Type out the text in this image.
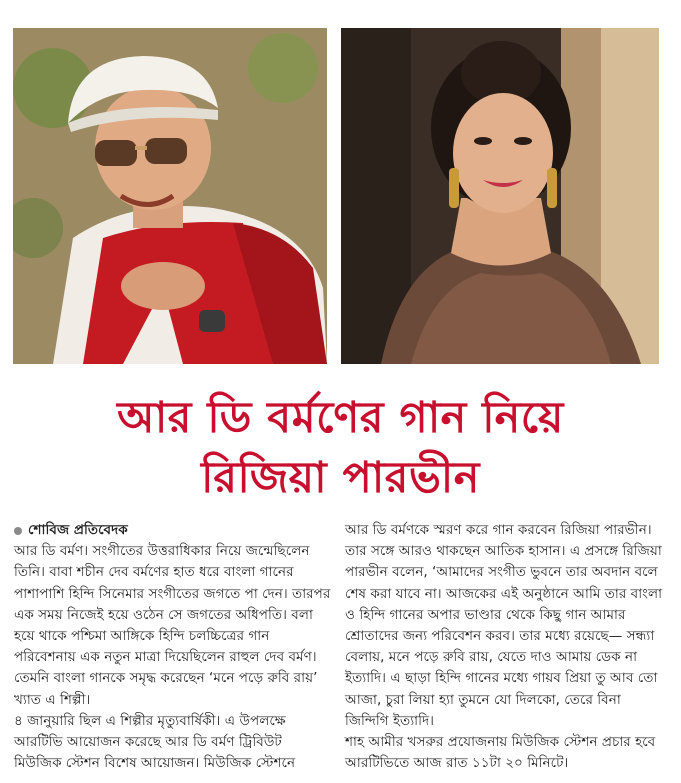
আর ডি বর্মণের গান নিয়ে
রিজিয়া পারভীন
শোবিজ প্রতিবেদক

আর ডি বর্মণ। সংগীতের উত্তরাধিকার নিয়ে জন্মেছিলেন তিনি। বাবা শচীন দেব বর্মণের হাত ধরে বাংলা গানের পাশাপাশি হিন্দি সিনেমার সংগীতের জগতে পা দেন। তারপর এক সময় নিজেই হয়ে ওঠেন সে জগতের অধিপতি। বলা হয়ে থাকে পশ্চিমা আঙ্গিকে হিন্দি চলচ্চিত্রের গান পরিবেশনায় এক নতুন মাত্রা দিয়েছিলেন রাহুল দেব বর্মণ। তেমনি বাংলা গানকে সমৃদ্ধ করেছেন ‘মনে পড়ে রুবি রায়’ খ্যাত এ শিল্পী।

৪ জানুয়ারি ছিল এ শিল্পীর মৃত্যুবার্ষিকী। এ উপলক্ষে আরটিভি আয়োজন করেছে আর ডি বর্মণ ট্রিবিউট মিউজিক স্টেশন বিশেষ আয়োজন। মিউজিক স্টেশনে

আর ডি বর্মণকে স্মরণ করে গান করবেন রিজিয়া পারভীন। তার সঙ্গে আরও থাকছেন আতিক হাসান। এ প্রসঙ্গে রিজিয়া পারভীন বলেন, ‘আমাদের সংগীত ভুবনে তার অবদান বলে শেষ করা যাবে না। আজকের এই অনুষ্ঠানে আমি তার বাংলা ও হিন্দি গানের অপার ভাণ্ডার থেকে কিছু গান আমার শ্রোতাদের জন্য পরিবেশন করব। তার মধ্যে রয়েছে— সন্ধ্যা বেলায়, মনে পড়ে রুবি রায়, যেতে দাও আমায় ডেক না ইত্যাদি। এ ছাড়া হিন্দি গানের মধ্যে গায়ব প্রিয়া তু আব তো আজা, চুরা লিয়া হ্যা তুমনে যো দিলকো, তেরে বিনা জিন্দিগি ইত্যাদি।

শাহ আমীর খসরুর প্রযোজনায় মিউজিক স্টেশন প্রচার হবে আরটিভিতে আজ রাত ১১টা ২০ মিনিটে।
